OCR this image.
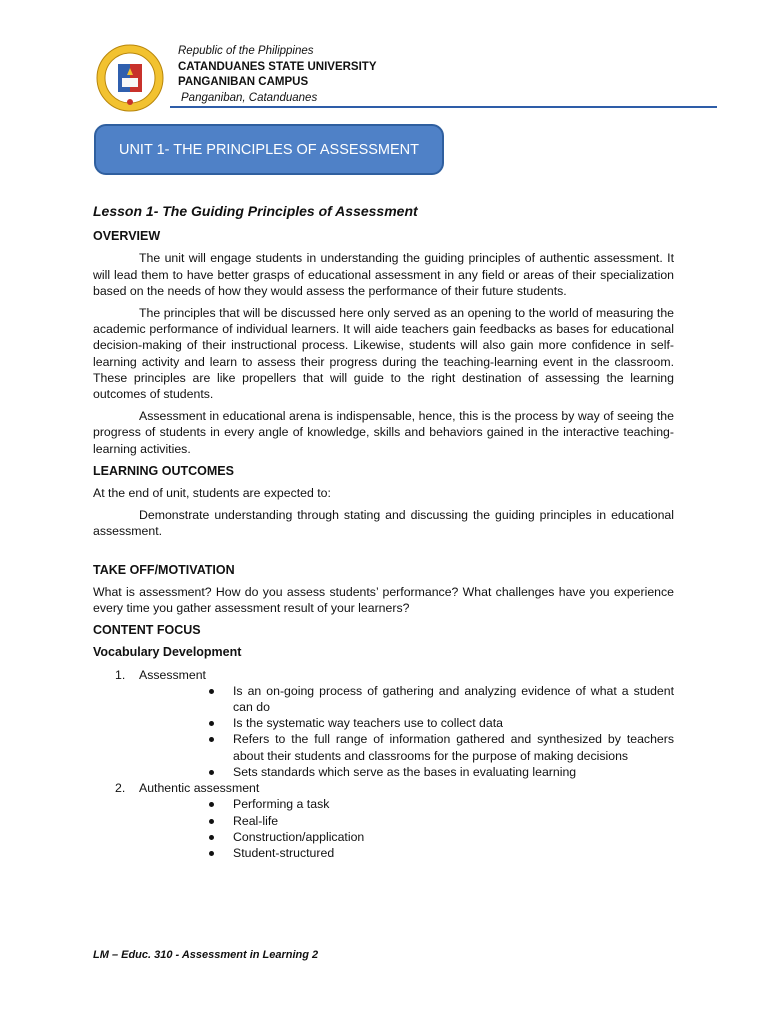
Republic of the Philippines
CATANDUANES STATE UNIVERSITY
PANGANIBAN CAMPUS
Panganiban, Catanduanes
UNIT 1- THE PRINCIPLES OF ASSESSMENT
Lesson 1- The Guiding Principles of Assessment
OVERVIEW

The unit will engage students in understanding the guiding principles of authentic assessment. It will lead them to have better grasps of educational assessment in any field or areas of their specialization based on the needs of how they would assess the performance of their future students.

The principles that will be discussed here only served as an opening to the world of measuring the academic performance of individual learners. It will aide teachers gain feedbacks as bases for educational decision-making of their instructional process. Likewise, students will also gain more confidence in self-learning activity and learn to assess their progress during the teaching-learning event in the classroom. These principles are like propellers that will guide to the right destination of assessing the learning outcomes of students.

Assessment in educational arena is indispensable, hence, this is the process by way of seeing the progress of students in every angle of knowledge, skills and behaviors gained in the interactive teaching-learning activities.

LEARNING OUTCOMES

At the end of unit, students are expected to:

Demonstrate understanding through stating and discussing the guiding principles in educational assessment.

TAKE OFF/MOTIVATION

What is assessment? How do you assess students’ performance? What challenges have you experience every time you gather assessment result of your learners?

CONTENT FOCUS
Vocabulary Development
1. Assessment
Is an on-going process of gathering and analyzing evidence of what a student can do
Is the systematic way teachers use to collect data
Refers to the full range of information gathered and synthesized by teachers about their students and classrooms for the purpose of making decisions
Sets standards which serve as the bases in evaluating learning
2. Authentic assessment
Performing a task
Real-life
Construction/application
Student-structured
LM – Educ. 310 - Assessment in Learning 2
